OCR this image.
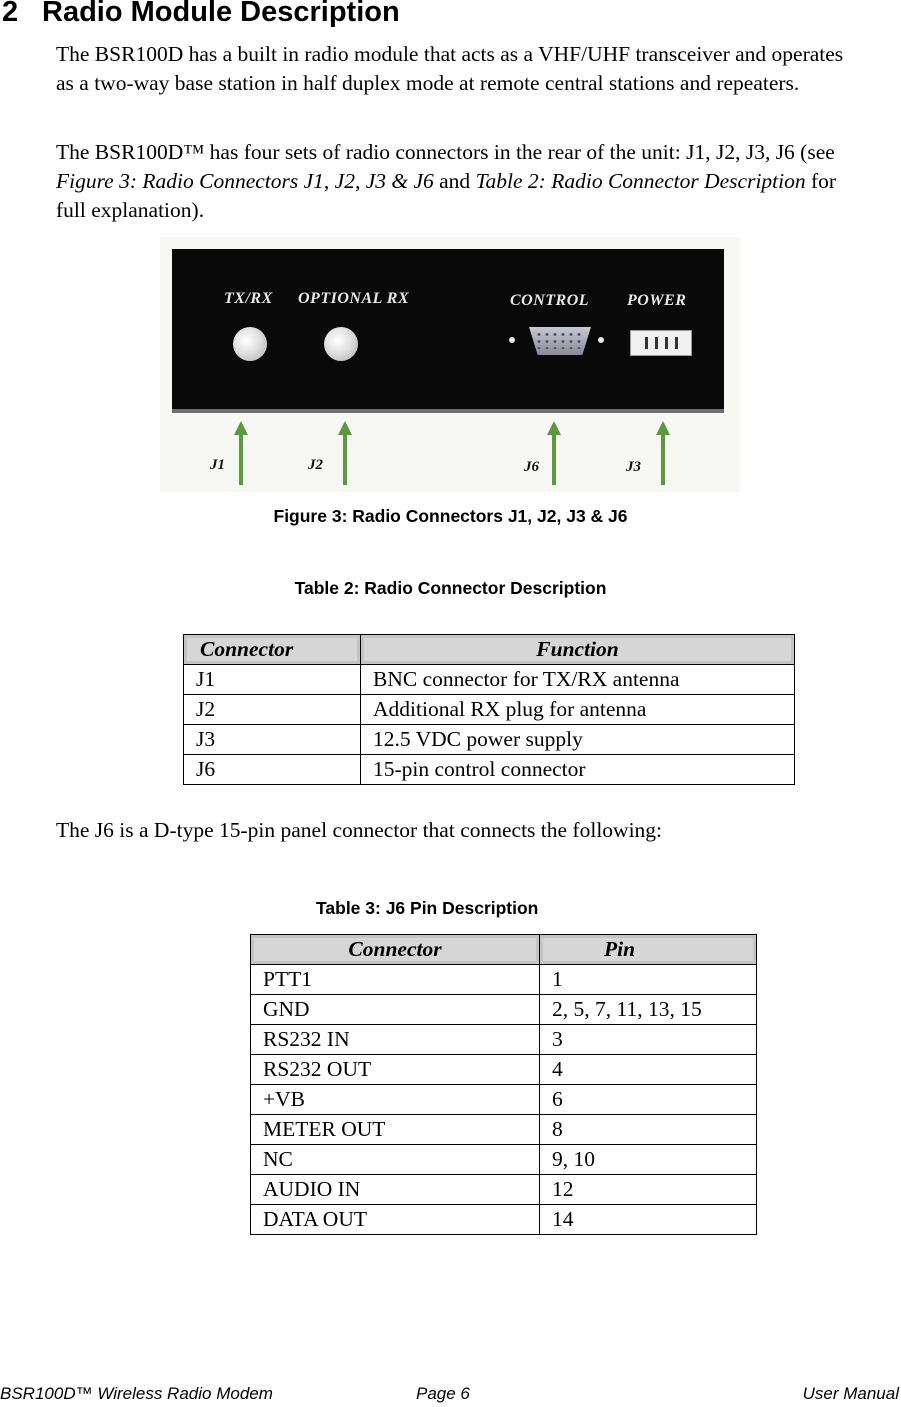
2 Radio Module Description
The BSR100D has a built in radio module that acts as a VHF/UHF transceiver and operates as a two-way base station in half duplex mode at remote central stations and repeaters.
The BSR100D™ has four sets of radio connectors in the rear of the unit: J1, J2, J3, J6 (see Figure 3: Radio Connectors J1, J2, J3 & J6 and Table 2: Radio Connector Description for full explanation).
TX/RX OPTIONAL RX	CONTROL POWER
J1	J2	J6	J3
Figure 3: Radio Connectors J1, J2, J3 & J6
Table 2: Radio Connector Description
Connector	Function
J1	BNC connector for TX/RX antenna
J2	Additional RX plug for antenna
J3	12.5 VDC power supply
J6	15-pin control connector
The J6 is a D-type 15-pin panel connector that connects the following:
Table 3: J6 Pin Description
Connector	Pin
PTT1	1
GND	2, 5, 7, 11, 13, 15
RS232 IN	3
RS232 OUT	4
+VB	6
METER OUT	8
NC	9, 10
AUDIO IN	12
DATA OUT	14
BSR100D™ Wireless Radio Modem	Page 6	User Manual
